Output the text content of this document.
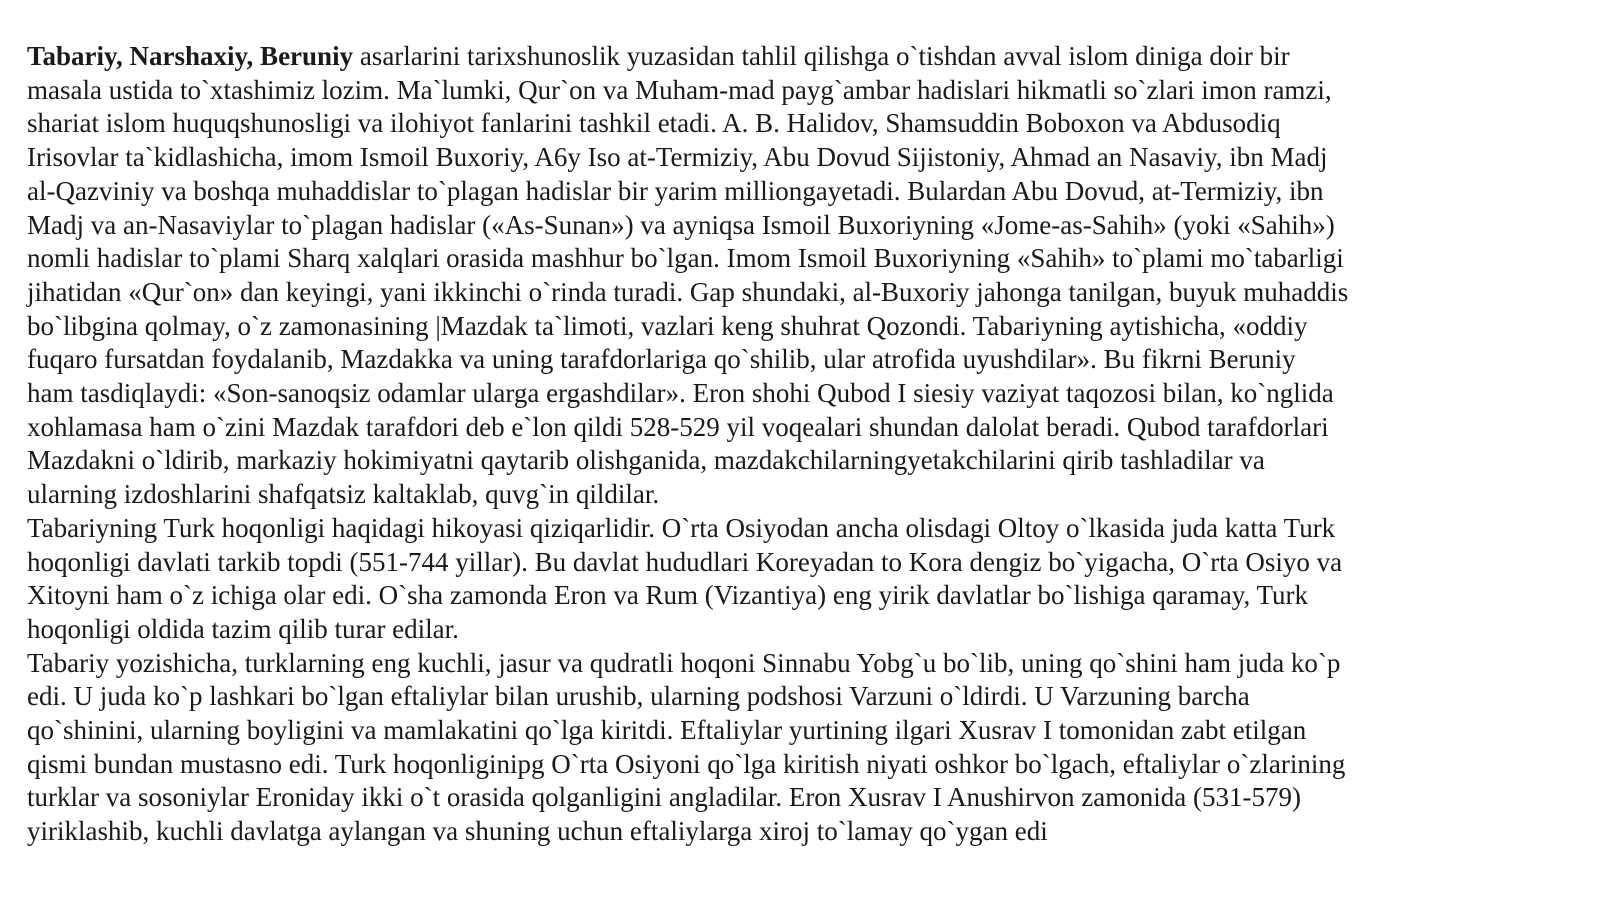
Tabariy, Narshaxiy, Beruniy asarlarini tarixshunoslik yuzasidan tahlil qilishga o`tishdan avval islom diniga doir bir
masala ustida to`xtashimiz lozim. Ma`lumki, Qur`on va Muham-mad payg`ambar hadislari hikmatli so`zlari imon ramzi,
shariat islom huquqshunosligi va ilohiyot fanlarini tashkil etadi. A. B. Halidov, Shamsuddin Boboxon va Abdusodiq
Irisovlar ta`kidlashicha, imom Ismoil Buxoriy, A6y Iso at-Termiziy, Abu Dovud Sijistoniy, Ahmad an Nasaviy, ibn Madj
al-Qazviniy va boshqa muhaddislar to`plagan hadislar bir yarim milliongayetadi. Bulardan Abu Dovud, at-Termiziy, ibn
Madj va an-Nasaviylar to`plagan hadislar («As-Sunan») va ayniqsa Ismoil Buxoriyning «Jome-as-Sahih» (yoki «Sahih»)
nomli hadislar to`plami Sharq xalqlari orasida mashhur bo`lgan. Imom Ismoil Buxoriyning «Sahih» to`plami mo`tabarligi
jihatidan «Qur`on» dan keyingi, yani ikkinchi o`rinda turadi. Gap shundaki, al-Buxoriy jahonga tanilgan, buyuk muhaddis
bo`libgina qolmay, o`z zamonasining |Mazdak ta`limoti, vazlari keng shuhrat Qozondi. Tabariyning aytishicha, «oddiy
fuqaro fursatdan foydalanib, Mazdakka va uning tarafdorlariga qo`shilib, ular atrofida uyushdilar». Bu fikrni Beruniy
ham tasdiqlaydi: «Son-sanoqsiz odamlar ularga ergashdilar». Eron shohi Qubod I siesiy vaziyat taqozosi bilan, ko`nglida
xohlamasa ham o`zini Mazdak tarafdori deb e`lon qildi 528-529 yil voqealari shundan dalolat beradi. Qubod tarafdorlari
Mazdakni o`ldirib, markaziy hokimiyatni qaytarib olishganida, mazdakchilarningyetakchilarini qirib tashladilar va
ularning izdoshlarini shafqatsiz kaltaklab, quvg`in qildilar.
Tabariyning Turk hoqonligi haqidagi hikoyasi qiziqarlidir. O`rta Osiyodan ancha olisdagi Oltoy o`lkasida juda katta Turk
hoqonligi davlati tarkib topdi (551-744 yillar). Bu davlat hududlari Koreyadan to Kora dengiz bo`yigacha, O`rta Osiyo va
Xitoyni ham o`z ichiga olar edi. O`sha zamonda Eron va Rum (Vizantiya) eng yirik davlatlar bo`lishiga qaramay, Turk
hoqonligi oldida tazim qilib turar edilar.
Tabariy yozishicha, turklarning eng kuchli, jasur va qudratli hoqoni Sinnabu Yobg`u bo`lib, uning qo`shini ham juda ko`p
edi. U juda ko`p lashkari bo`lgan eftaliylar bilan urushib, ularning podshosi Varzuni o`ldirdi. U Varzuning barcha
qo`shinini, ularning boyligini va mamlakatini qo`lga kiritdi. Eftaliylar yurtining ilgari Xusrav I tomonidan zabt etilgan
qismi bundan mustasno edi. Turk hoqonliginipg O`rta Osiyoni qo`lga kiritish niyati oshkor bo`lgach, eftaliylar o`zlarining
turklar va sosoniylar Eroniday ikki o`t orasida qolganligini angladilar. Eron Xusrav I Anushirvon zamonida (531-579)
yiriklashib, kuchli davlatga aylangan va shuning uchun eftaliylarga xiroj to`lamay qo`ygan edi
